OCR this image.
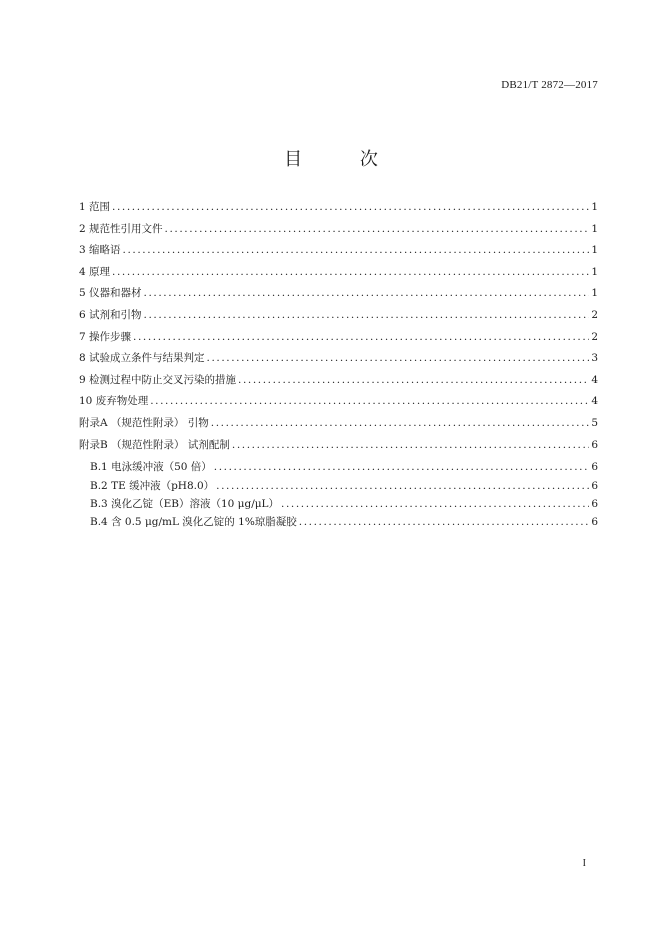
DB21/T 2872—2017
目 次
1 范围 .....	1
2 规范性引用文件 .....	1
3 缩略语 .....	1
4 原理 .....	1
5 仪器和器材 .....	1
6 试剂和引物 .....	2
7 操作步骤 .....	2
8 试验成立条件与结果判定 .....	3
9 检测过程中防止交叉污染的措施 .....	4
10 废弃物处理 .....	4
附录A （规范性附录） 引物 .....	5
附录B （规范性附录） 试剂配制 .....	6
B.1 电泳缓冲液（50 倍） .....	6
B.2 TE 缓冲液（pH8.0） .....	6
B.3 溴化乙锭（EB）溶液（10 μg/μL） .....	6
B.4 含 0.5 μg/mL 溴化乙锭的 1%琼脂凝胶 .....	6
I
